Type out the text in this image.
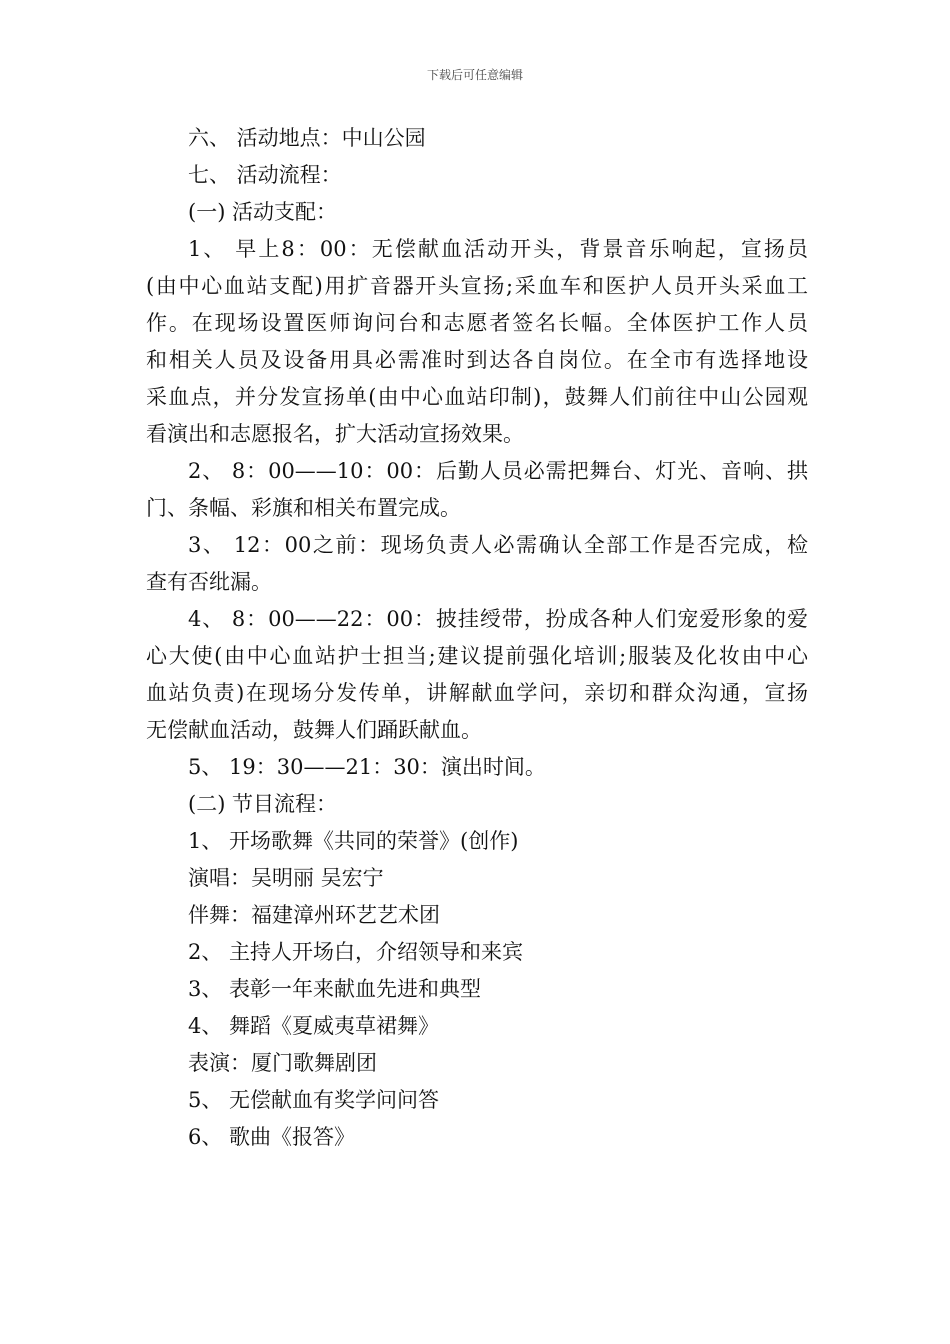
下载后可任意编辑
六、 活动地点：中山公园
七、 活动流程：
(一) 活动支配：
1、 早上8：00：无偿献血活动开头，背景音乐响起，宣扬员
(由中心血站支配)用扩音器开头宣扬;采血车和医护人员开头采血工
作。在现场设置医师询问台和志愿者签名长幅。全体医护工作人员
和相关人员及设备用具必需准时到达各自岗位。在全市有选择地设
采血点，并分发宣扬单(由中心血站印制)，鼓舞人们前往中山公园观
看演出和志愿报名，扩大活动宣扬效果。
2、 8：00——10：00：后勤人员必需把舞台、灯光、音响、拱
门、条幅、彩旗和相关布置完成。
3、 12：00之前：现场负责人必需确认全部工作是否完成，检
查有否纰漏。
4、 8：00——22：00：披挂绶带，扮成各种人们宠爱形象的爱
心大使(由中心血站护士担当;建议提前强化培训;服装及化妆由中心
血站负责)在现场分发传单，讲解献血学问，亲切和群众沟通，宣扬
无偿献血活动，鼓舞人们踊跃献血。
5、 19：30——21：30：演出时间。
(二) 节目流程：
1、 开场歌舞《共同的荣誉》(创作)
演唱：吴明丽 吴宏宁
伴舞：福建漳州环艺艺术团
2、 主持人开场白，介绍领导和来宾
3、 表彰一年来献血先进和典型
4、 舞蹈《夏威夷草裙舞》
表演：厦门歌舞剧团
5、 无偿献血有奖学问问答
6、 歌曲《报答》
